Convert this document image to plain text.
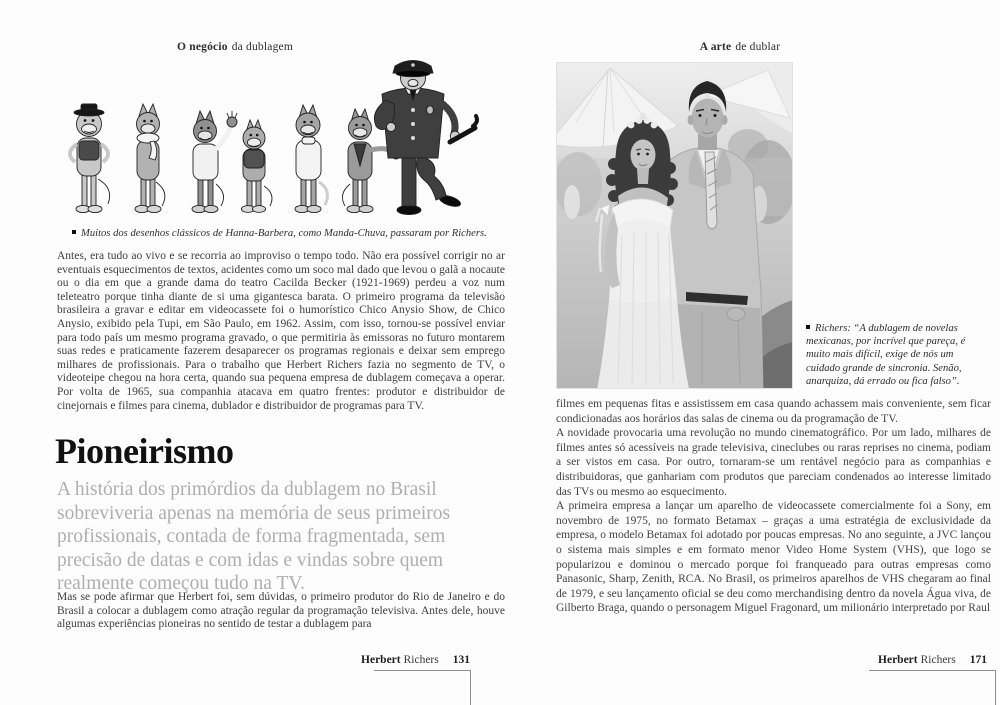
O negócio da dublagem
Muitos dos desenhos clássicos de Hanna-Barbera, como Manda-Chuva, passaram por Richers.
Antes, era tudo ao vivo e se recorria ao improviso o tempo todo. Não era possível corrigir no ar eventuais esquecimentos de textos, acidentes como um soco mal dado que levou o galã a nocaute ou o dia em que a grande dama do teatro Cacilda Becker (1921-1969) perdeu a voz num teleteatro porque tinha diante de si uma gigantesca barata. O primeiro programa da televisão brasileira a gravar e editar em videocassete foi o humorístico Chico Anysio Show, de Chico Anysio, exibido pela Tupi, em São Paulo, em 1962. Assim, com isso, tornou-se possível enviar para todo país um mesmo programa gravado, o que permitiria às emissoras no futuro montarem suas redes e praticamente fazerem desaparecer os programas regionais e deixar sem emprego milhares de profissionais. Para o trabalho que Herbert Richers fazia no segmento de TV, o videoteipe chegou na hora certa, quando sua pequena empresa de dublagem começava a operar. Por volta de 1965, sua companhia atacava em quatro frentes: produtor e distribuidor de cinejornais e filmes para cinema, dublador e distribuidor de programas para TV.
Pioneirismo
A história dos primórdios da dublagem no Brasil sobreviveria apenas na memória de seus primeiros profissionais, contada de forma fragmentada, sem precisão de datas e com idas e vindas sobre quem realmente começou tudo na TV.
Mas se pode afirmar que Herbert foi, sem dúvidas, o primeiro produtor do Rio de Janeiro e do Brasil a colocar a dublagem como atração regular da programação televisiva. Antes dele, houve algumas experiências pioneiras no sentido de testar a dublagem para
Herbert Richers 131
A arte de dublar
Richers: “A dublagem de novelas mexicanas, por incrível que pareça, é muito mais difícil, exige de nós um cuidado grande de sincronia. Senão, anarquiza, dá errado ou fica falso”.

filmes em pequenas fitas e assistissem em casa quando achassem mais conveniente, sem ficar condicionadas aos horários das salas de cinema ou da programação de TV.

A novidade provocaria uma revolução no mundo cinematográfico. Por um lado, milhares de filmes antes só acessíveis na grade televisiva, cineclubes ou raras reprises no cinema, podiam a ser vistos em casa. Por outro, tornaram-se um rentável negócio para as companhias e distribuidoras, que ganhariam com produtos que pareciam condenados ao interesse limitado das TVs ou mesmo ao esquecimento.

A primeira empresa a lançar um aparelho de videocassete comercialmente foi a Sony, em novembro de 1975, no formato Betamax – graças a uma estratégia de exclusividade da empresa, o modelo Betamax foi adotado por poucas empresas. No ano seguinte, a JVC lançou o sistema mais simples e em formato menor Video Home System (VHS), que logo se popularizou e dominou o mercado porque foi franqueado para outras empresas como Panasonic, Sharp, Zenith, RCA. No Brasil, os primeiros aparelhos de VHS chegaram ao final de 1979, e seu lançamento oficial se deu como merchandising dentro da novela Água viva, de Gilberto Braga, quando o personagem Miguel Fragonard, um milionário interpretado por Raul

Herbert Richers 171
